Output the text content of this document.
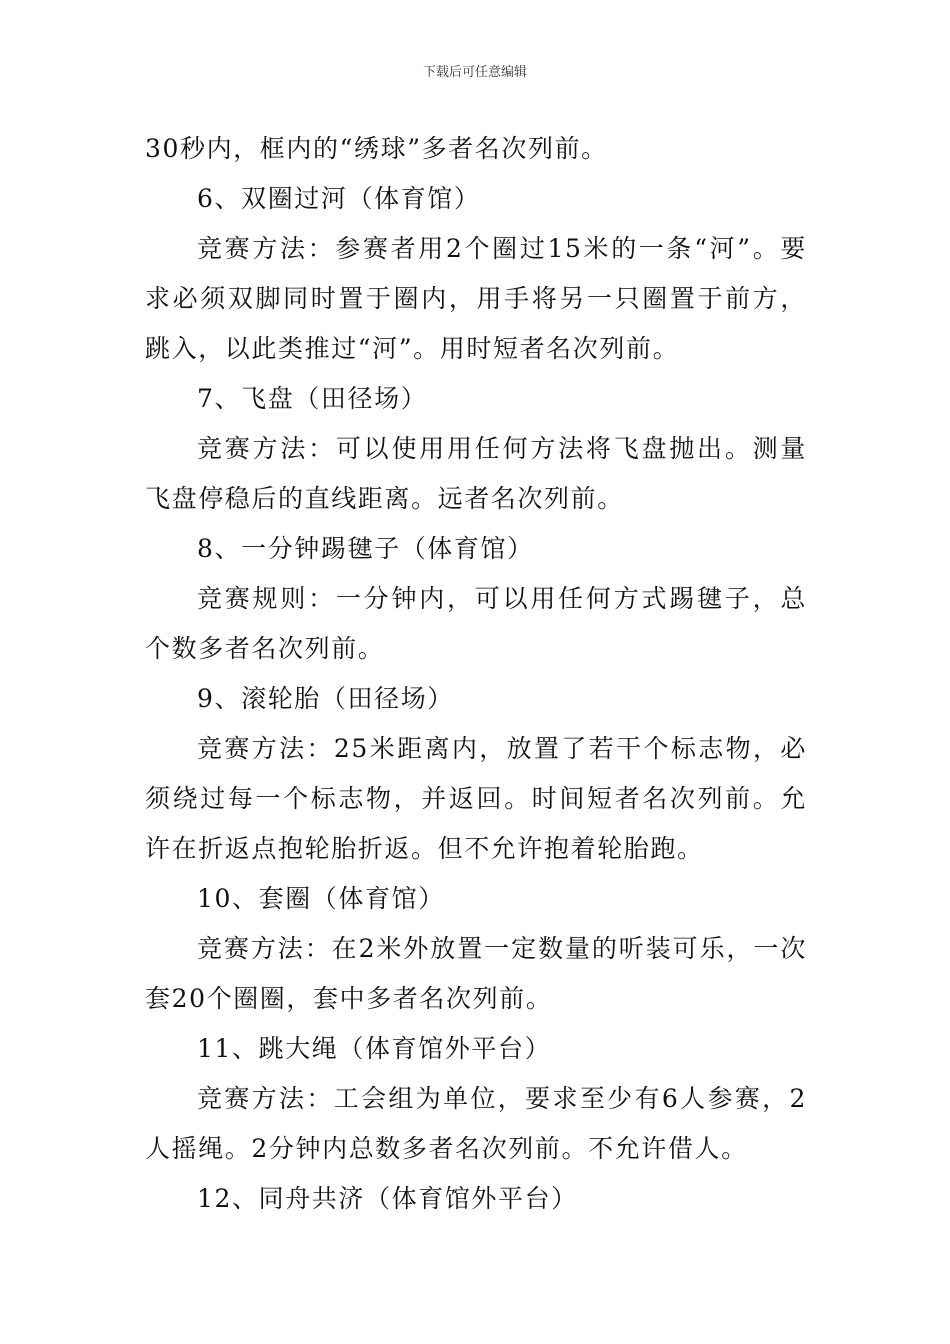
下载后可任意编辑

30秒内，框内的“绣球”多者名次列前。

6、双圈过河（体育馆）

竞赛方法：参赛者用2个圈过15米的一条“河”。要求必须双脚同时置于圈内，用手将另一只圈置于前方，跳入，以此类推过“河”。用时短者名次列前。

7、飞盘（田径场）

竞赛方法：可以使用用任何方法将飞盘抛出。测量飞盘停稳后的直线距离。远者名次列前。

8、一分钟踢毽子（体育馆）

竞赛规则：一分钟内，可以用任何方式踢毽子，总个数多者名次列前。

9、滚轮胎（田径场）

竞赛方法：25米距离内，放置了若干个标志物，必须绕过每一个标志物，并返回。时间短者名次列前。允许在折返点抱轮胎折返。但不允许抱着轮胎跑。

10、套圈（体育馆）

竞赛方法：在2米外放置一定数量的听装可乐，一次套20个圈圈，套中多者名次列前。

11、跳大绳（体育馆外平台）

竞赛方法：工会组为单位，要求至少有6人参赛，2人摇绳。2分钟内总数多者名次列前。不允许借人。

12、同舟共济（体育馆外平台）
